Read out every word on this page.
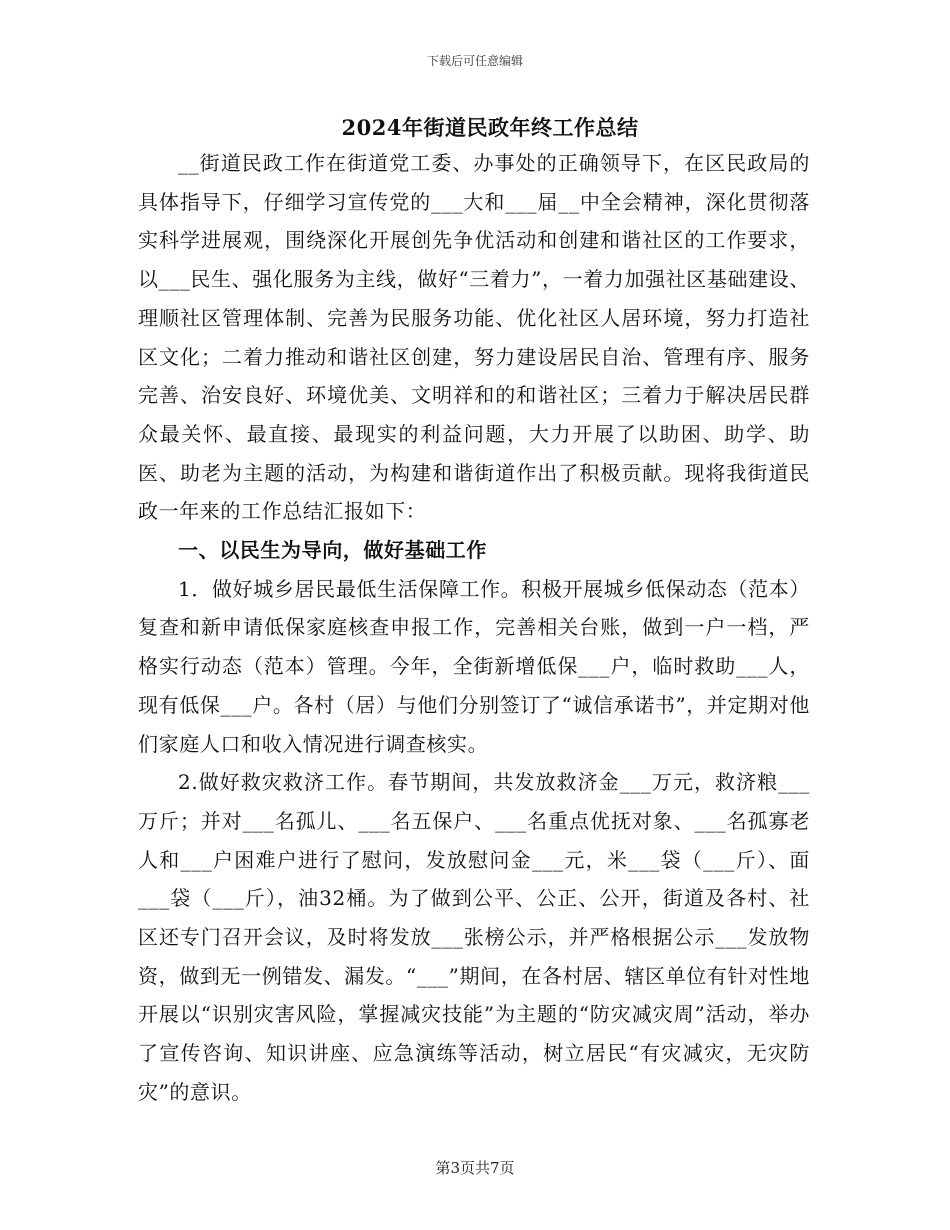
下载后可任意编辑
2024年街道民政年终工作总结

__街道民政工作在街道党工委、办事处的正确领导下，在区民政局的具体指导下，仔细学习宣传党的___大和___届__中全会精神，深化贯彻落实科学进展观，围绕深化开展创先争优活动和创建和谐社区的工作要求，以___民生、强化服务为主线，做好“三着力”，一着力加强社区基础建设、理顺社区管理体制、完善为民服务功能、优化社区人居环境，努力打造社区文化；二着力推动和谐社区创建，努力建设居民自治、管理有序、服务完善、治安良好、环境优美、文明祥和的和谐社区；三着力于解决居民群众最关怀、最直接、最现实的利益问题，大力开展了以助困、助学、助医、助老为主题的活动，为构建和谐街道作出了积极贡献。现将我街道民政一年来的工作总结汇报如下：

一、以民生为导向，做好基础工作

1．做好城乡居民最低生活保障工作。积极开展城乡低保动态（范本）复查和新申请低保家庭核查申报工作，完善相关台账，做到一户一档，严格实行动态（范本）管理。今年，全街新增低保___户，临时救助___人，现有低保___户。各村（居）与他们分别签订了“诚信承诺书”，并定期对他们家庭人口和收入情况进行调查核实。

2.做好救灾救济工作。春节期间，共发放救济金___万元，救济粮___万斤；并对___名孤儿、___名五保户、___名重点优抚对象、___名孤寡老人和___户困难户进行了慰问，发放慰问金___元，米___袋（___斤）、面___袋（___斤），油32桶。为了做到公平、公正、公开，街道及各村、社区还专门召开会议，及时将发放___张榜公示，并严格根据公示___发放物资，做到无一例错发、漏发。“___”期间，在各村居、辖区单位有针对性地开展以“识别灾害风险，掌握减灾技能”为主题的“防灾减灾周”活动，举办了宣传咨询、知识讲座、应急演练等活动，树立居民“有灾减灾，无灾防灾”的意识。

第3页共7页
